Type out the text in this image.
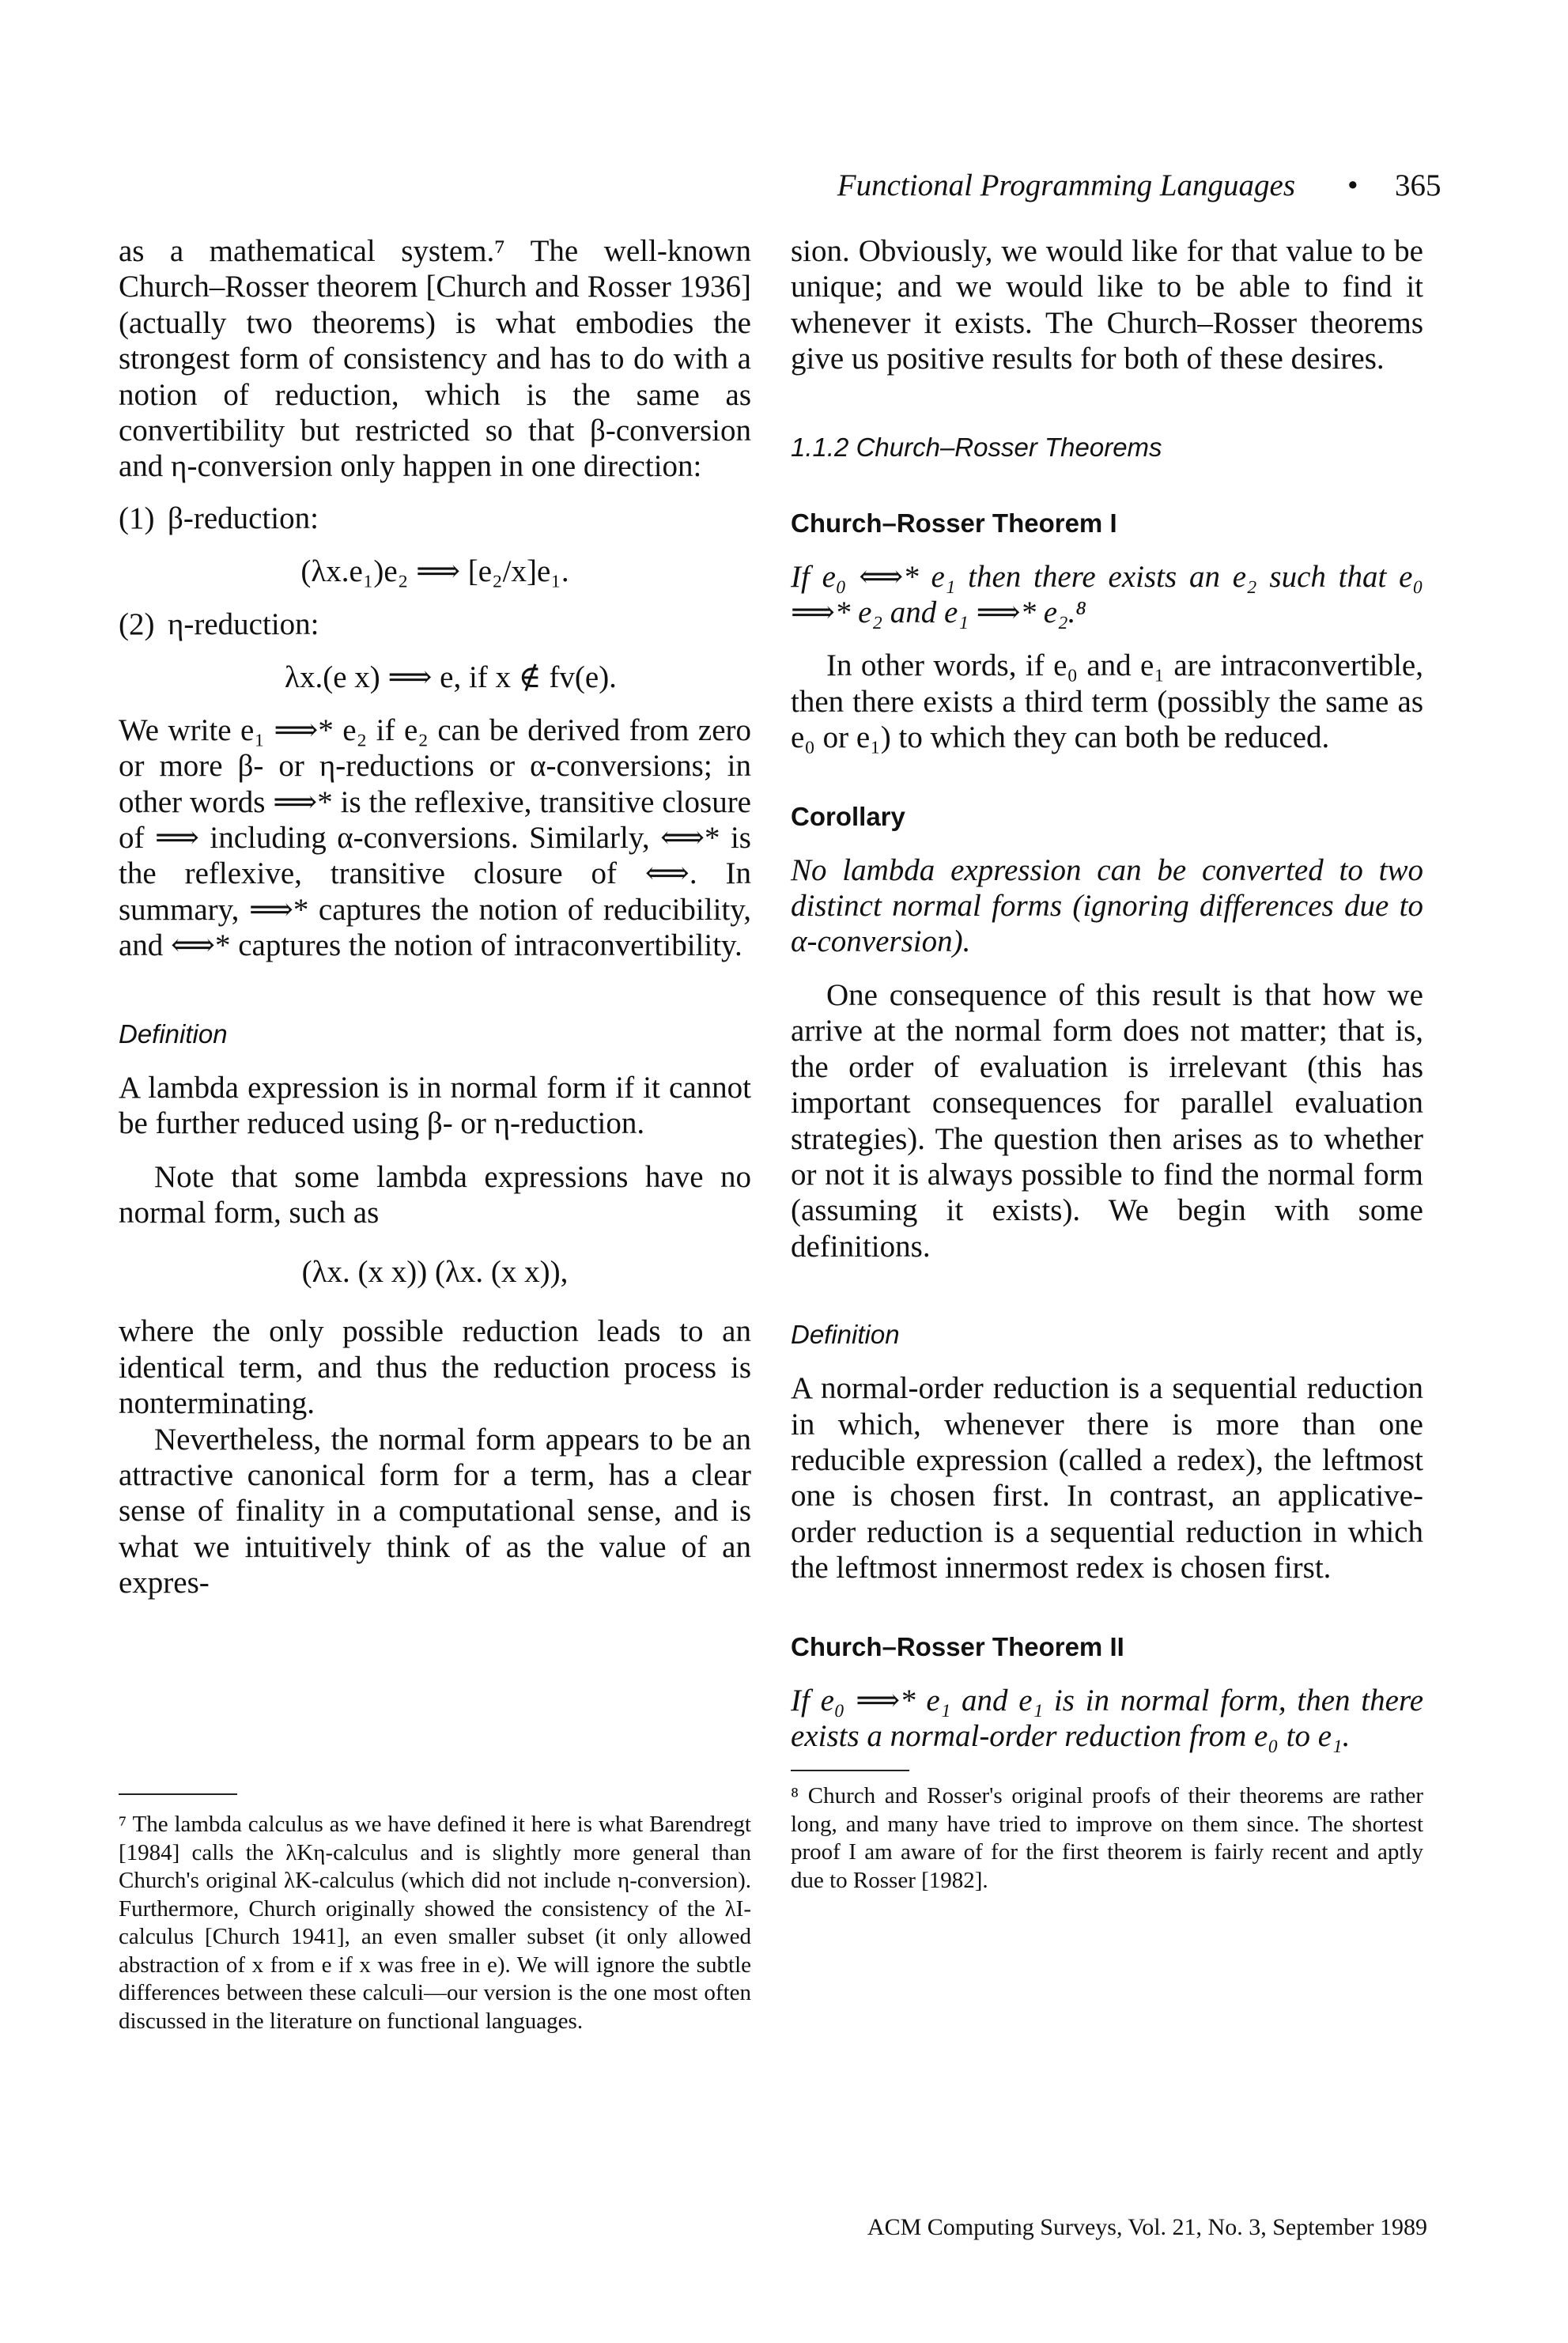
Functional Programming Languages • 365

as a mathematical system.⁷ The well-known Church–Rosser theorem [Church and Rosser 1936] (actually two theorems) is what embodies the strongest form of consistency and has to do with a notion of reduction, which is the same as convertibility but restricted so that β-conversion and η-conversion only happen in one direction:

(1) β-reduction:
(λx.e₁)e₂ ⟹ [e₂/x]e₁.
(2) η-reduction:
λx.(e x) ⟹ e, if x ∉ fv(e).

We write e₁ ⟹* e₂ if e₂ can be derived from zero or more β- or η-reductions or α-conversions; in other words ⟹* is the reflexive, transitive closure of ⟹ including α-conversions. Similarly, ⟺* is the reflexive, transitive closure of ⟺. In summary, ⟹* captures the notion of reducibility, and ⟺* captures the notion of intraconvertibility.

Definition

A lambda expression is in normal form if it cannot be further reduced using β- or η-reduction.

Note that some lambda expressions have no normal form, such as

(λx. (x x)) (λx. (x x)),

where the only possible reduction leads to an identical term, and thus the reduction process is nonterminating.

Nevertheless, the normal form appears to be an attractive canonical form for a term, has a clear sense of finality in a computational sense, and is what we intuitively think of as the value of an expres-

⁷ The lambda calculus as we have defined it here is what Barendregt [1984] calls the λKη-calculus and is slightly more general than Church's original λK-calculus (which did not include η-conversion). Furthermore, Church originally showed the consistency of the λI-calculus [Church 1941], an even smaller subset (it only allowed abstraction of x from e if x was free in e). We will ignore the subtle differences between these calculi—our version is the one most often discussed in the literature on functional languages.

sion. Obviously, we would like for that value to be unique; and we would like to be able to find it whenever it exists. The Church–Rosser theorems give us positive results for both of these desires.

1.1.2 Church–Rosser Theorems
Church–Rosser Theorem I

If e₀ ⟺* e₁ then there exists an e₂ such that e₀ ⟹* e₂ and e₁ ⟹* e₂.⁸

In other words, if e₀ and e₁ are intraconvertible, then there exists a third term (possibly the same as e₀ or e₁) to which they can both be reduced.

Corollary

No lambda expression can be converted to two distinct normal forms (ignoring differences due to α-conversion).

One consequence of this result is that how we arrive at the normal form does not matter; that is, the order of evaluation is irrelevant (this has important consequences for parallel evaluation strategies). The question then arises as to whether or not it is always possible to find the normal form (assuming it exists). We begin with some definitions.

Definition

A normal-order reduction is a sequential reduction in which, whenever there is more than one reducible expression (called a redex), the leftmost one is chosen first. In contrast, an applicative-order reduction is a sequential reduction in which the leftmost innermost redex is chosen first.

Church–Rosser Theorem II

If e₀ ⟹* e₁ and e₁ is in normal form, then there exists a normal-order reduction from e₀ to e₁.

⁸ Church and Rosser's original proofs of their theorems are rather long, and many have tried to improve on them since. The shortest proof I am aware of for the first theorem is fairly recent and aptly due to Rosser [1982].

ACM Computing Surveys, Vol. 21, No. 3, September 1989
